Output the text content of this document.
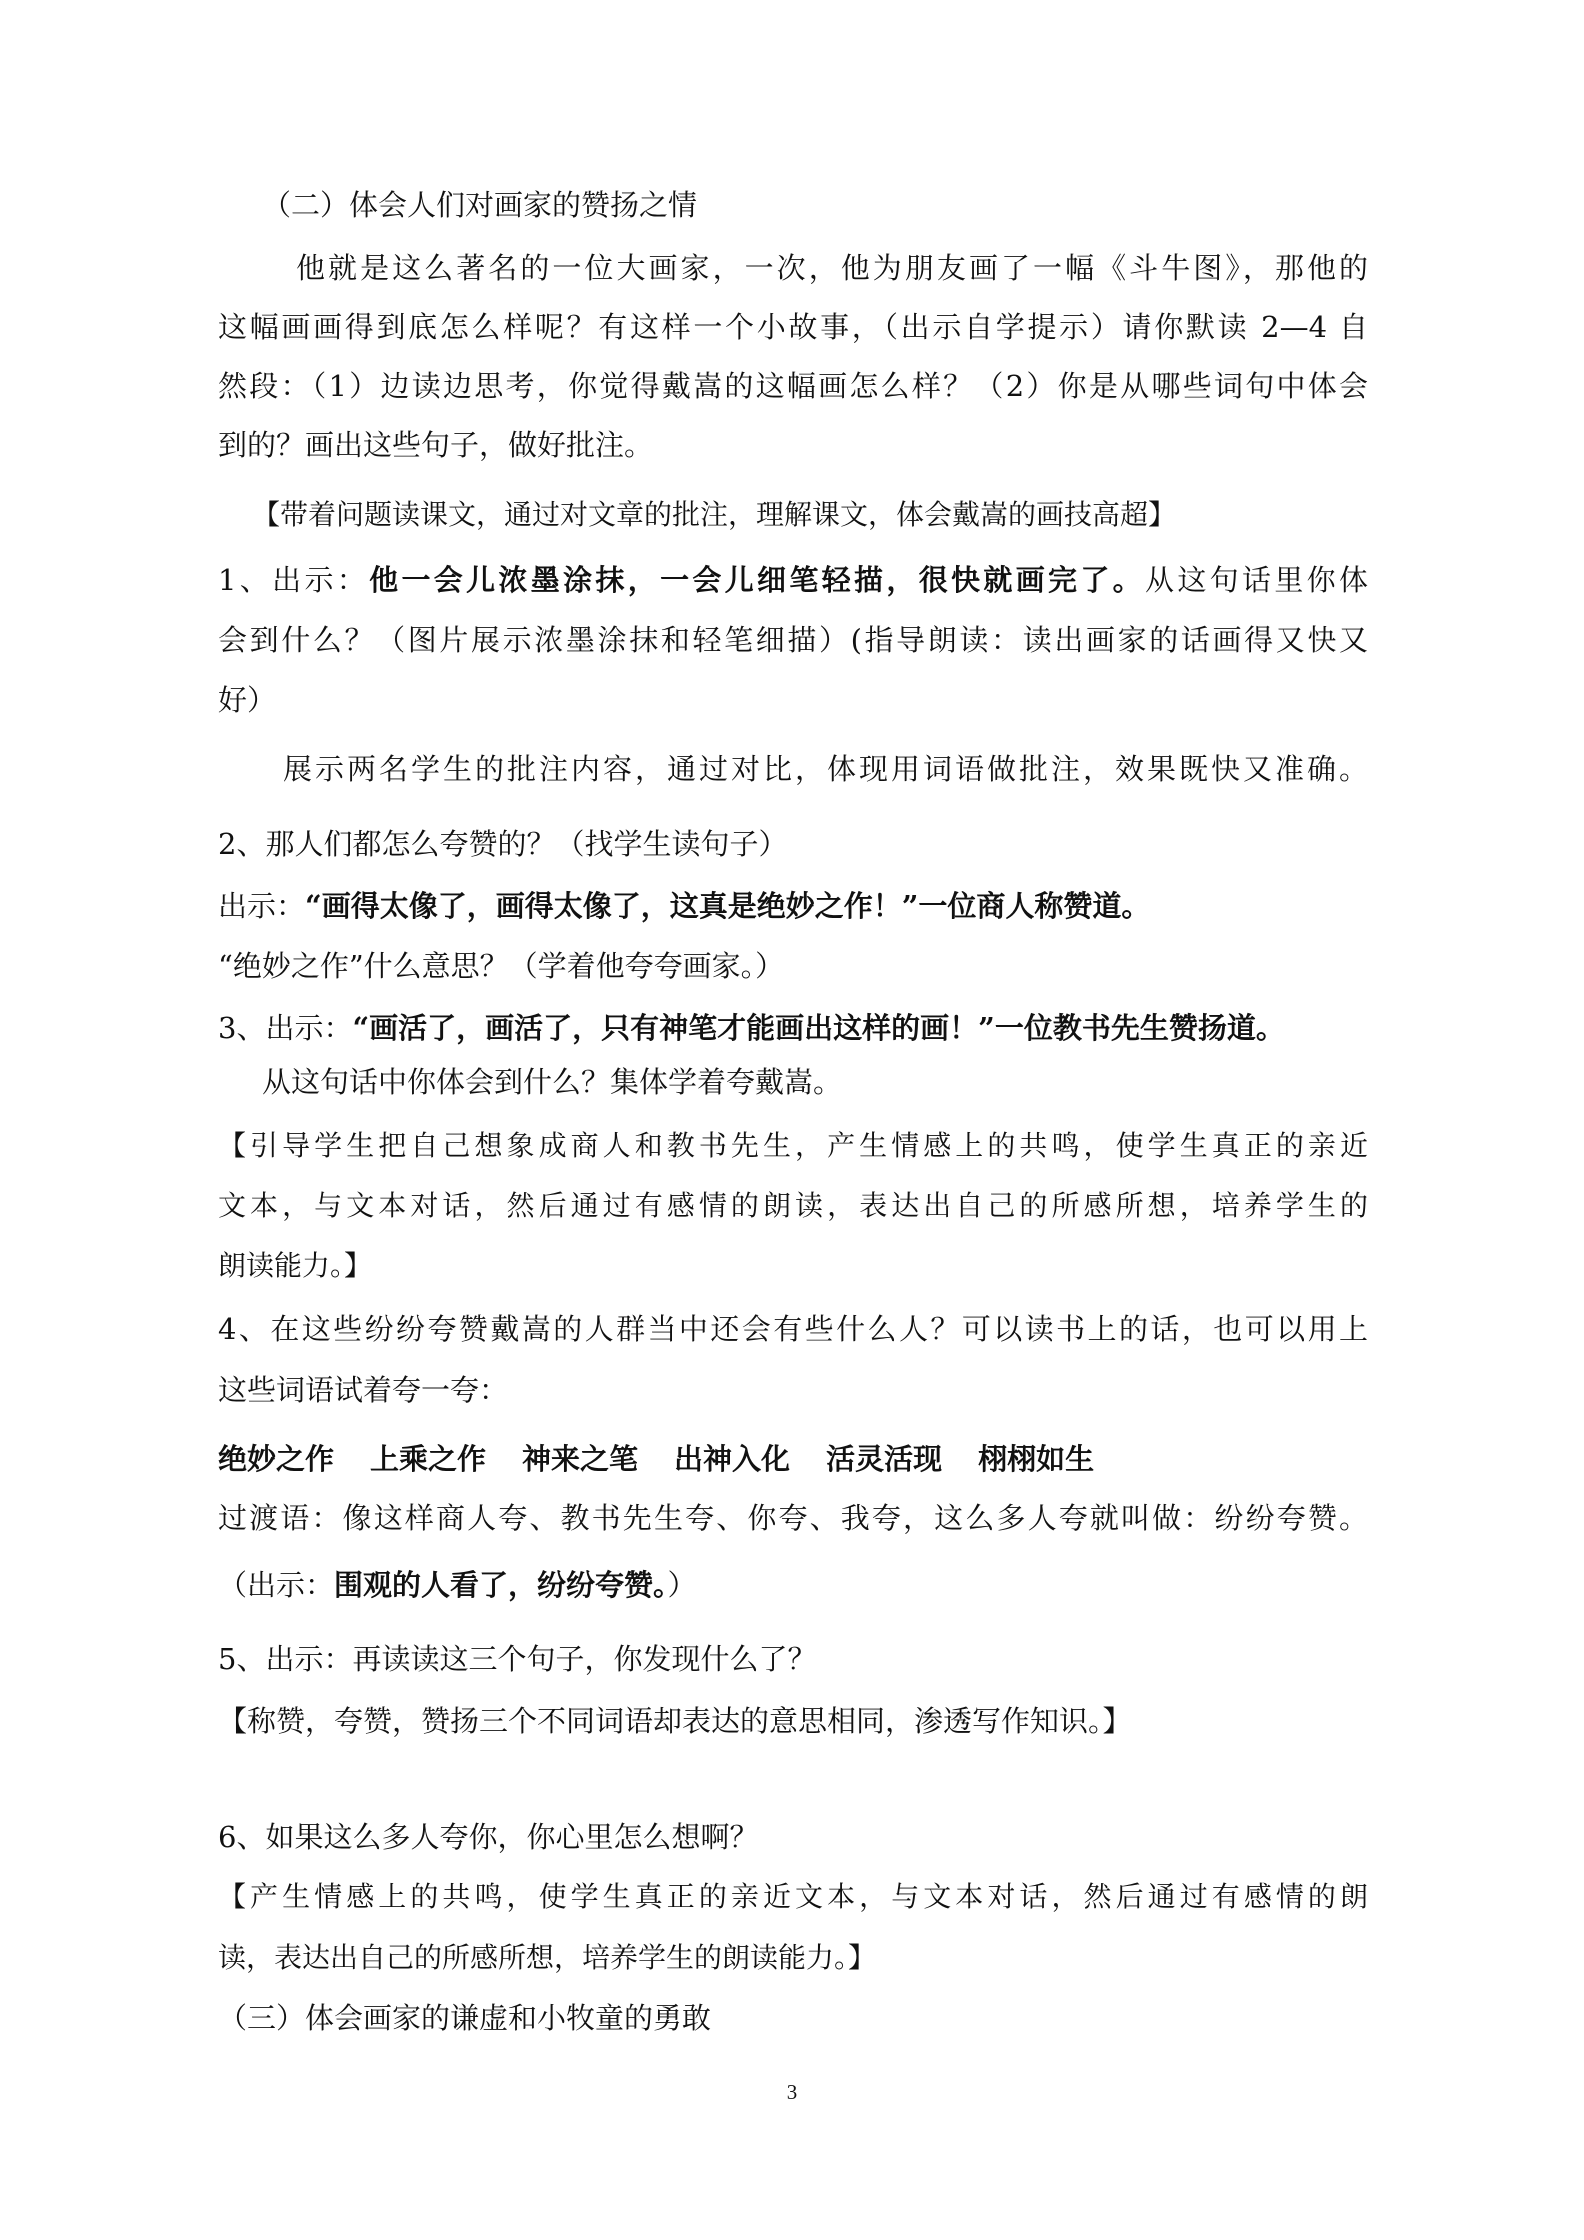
（二）体会人们对画家的赞扬之情
他就是这么著名的一位大画家，一次，他为朋友画了一幅《斗牛图》，那他的
这幅画画得到底怎么样呢？有这样一个小故事，（出示自学提示）请你默读 2—4 自
然段：（1）边读边思考，你觉得戴嵩的这幅画怎么样？（2）你是从哪些词句中体会
到的？画出这些句子，做好批注。
【带着问题读课文，通过对文章的批注，理解课文，体会戴嵩的画技高超】
1、出示：他一会儿浓墨涂抹，一会儿细笔轻描，很快就画完了。从这句话里你体
会到什么？（图片展示浓墨涂抹和轻笔细描）(指导朗读：读出画家的话画得又快又
好）
展示两名学生的批注内容，通过对比，体现用词语做批注，效果既快又准确。
2、那人们都怎么夸赞的？（找学生读句子）
出示：“画得太像了，画得太像了，这真是绝妙之作！”一位商人称赞道。
“绝妙之作”什么意思？（学着他夸夸画家。）
3、出示：“画活了，画活了，只有神笔才能画出这样的画！”一位教书先生赞扬道。
从这句话中你体会到什么？集体学着夸戴嵩。
【引导学生把自己想象成商人和教书先生，产生情感上的共鸣，使学生真正的亲近
文本，与文本对话，然后通过有感情的朗读，表达出自己的所感所想，培养学生的
朗读能力。】
4、在这些纷纷夸赞戴嵩的人群当中还会有些什么人？可以读书上的话，也可以用上
这些词语试着夸一夸：
绝妙之作 上乘之作 神来之笔 出神入化 活灵活现 栩栩如生
过渡语：像这样商人夸、教书先生夸、你夸、我夸，这么多人夸就叫做：纷纷夸赞。
（出示：围观的人看了，纷纷夸赞。）
5、出示：再读读这三个句子，你发现什么了？
【称赞，夸赞，赞扬三个不同词语却表达的意思相同，渗透写作知识。】
6、如果这么多人夸你，你心里怎么想啊？
【产生情感上的共鸣，使学生真正的亲近文本，与文本对话，然后通过有感情的朗
读，表达出自己的所感所想，培养学生的朗读能力。】
（三）体会画家的谦虚和小牧童的勇敢
3
